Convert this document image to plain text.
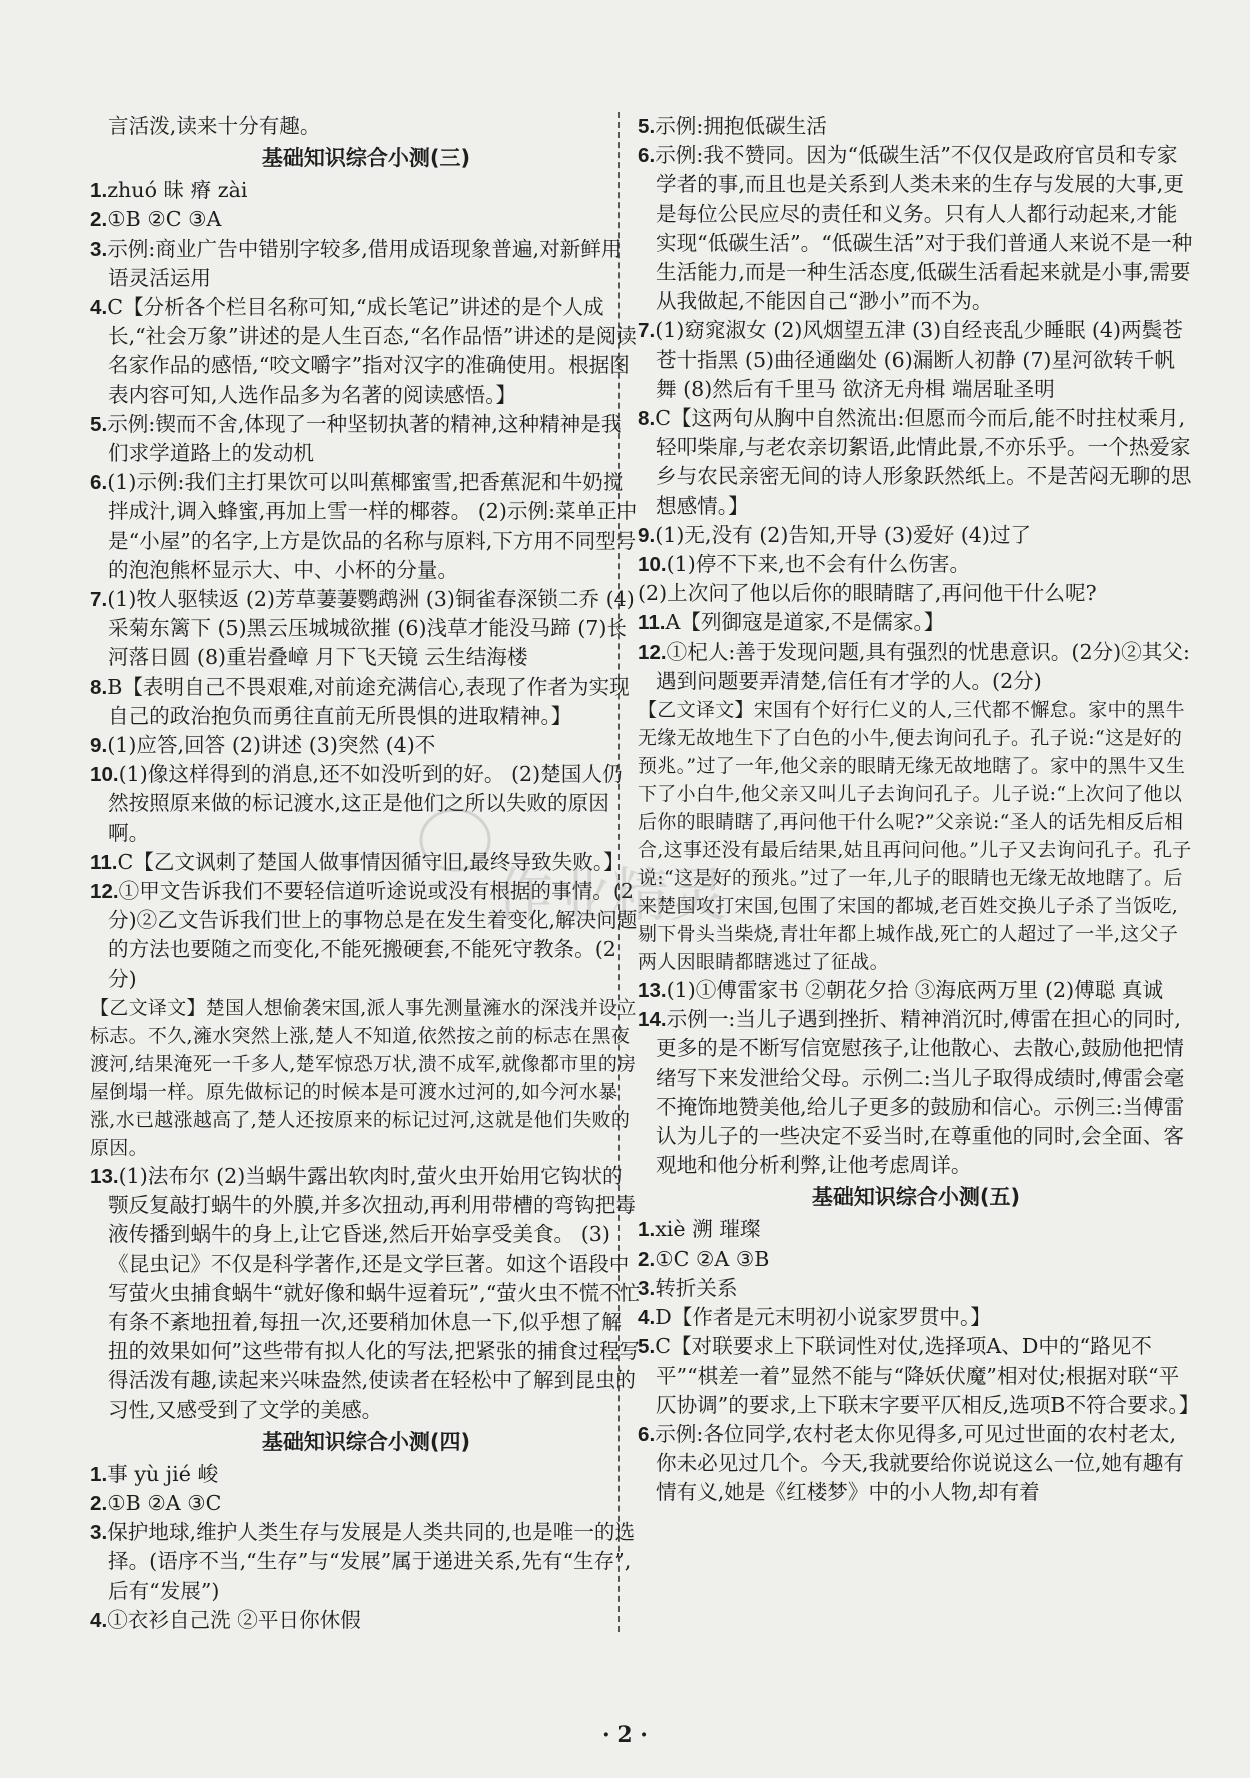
言活泼,读来十分有趣。

基础知识综合小测(三)

1.zhuó 昧 瘠 zài

2.①B ②C ③A

3.示例:商业广告中错别字较多,借用成语现象普遍,对新鲜用语灵活运用

4.C【分析各个栏目名称可知,“成长笔记”讲述的是个人成长,“社会万象”讲述的是人生百态,“名作品悟”讲述的是阅读名家作品的感悟,“咬文嚼字”指对汉字的准确使用。根据图表内容可知,人选作品多为名著的阅读感悟。】

5.示例:锲而不舍,体现了一种坚韧执著的精神,这种精神是我们求学道路上的发动机

6.(1)示例:我们主打果饮可以叫蕉椰蜜雪,把香蕉泥和牛奶搅拌成汁,调入蜂蜜,再加上雪一样的椰蓉。 (2)示例:菜单正中是“小屋”的名字,上方是饮品的名称与原料,下方用不同型号的泡泡熊杯显示大、中、小杯的分量。

7.(1)牧人驱犊返 (2)芳草萋萋鹦鹉洲 (3)铜雀春深锁二乔 (4)采菊东篱下 (5)黑云压城城欲摧 (6)浅草才能没马蹄 (7)长河落日圆 (8)重岩叠嶂 月下飞天镜 云生结海楼

8.B【表明自己不畏艰难,对前途充满信心,表现了作者为实现自己的政治抱负而勇往直前无所畏惧的进取精神。】

9.(1)应答,回答 (2)讲述 (3)突然 (4)不

10.(1)像这样得到的消息,还不如没听到的好。 (2)楚国人仍然按照原来做的标记渡水,这正是他们之所以失败的原因啊。

11.C【乙文讽刺了楚国人做事情因循守旧,最终导致失败。】

12.①甲文告诉我们不要轻信道听途说或没有根据的事情。(2分)②乙文告诉我们世上的事物总是在发生着变化,解决问题的方法也要随之而变化,不能死搬硬套,不能死守教条。(2分)

【乙文译文】楚国人想偷袭宋国,派人事先测量澭水的深浅并设立标志。不久,澭水突然上涨,楚人不知道,依然按之前的标志在黑夜渡河,结果淹死一千多人,楚军惊恐万状,溃不成军,就像都市里的房屋倒塌一样。原先做标记的时候本是可渡水过河的,如今河水暴涨,水已越涨越高了,楚人还按原来的标记过河,这就是他们失败的原因。

13.(1)法布尔 (2)当蜗牛露出软肉时,萤火虫开始用它钩状的颚反复敲打蜗牛的外膜,并多次扭动,再利用带槽的弯钩把毒液传播到蜗牛的身上,让它昏迷,然后开始享受美食。 (3)《昆虫记》不仅是科学著作,还是文学巨著。如这个语段中写萤火虫捕食蜗牛“就好像和蜗牛逗着玩”,“萤火虫不慌不忙有条不紊地扭着,每扭一次,还要稍加休息一下,似乎想了解扭的效果如何”这些带有拟人化的写法,把紧张的捕食过程写得活泼有趣,读起来兴味盎然,使读者在轻松中了解到昆虫的习性,又感受到了文学的美感。

基础知识综合小测(四)

1.事 yù jié 峻

2.①B ②A ③C

3.保护地球,维护人类生存与发展是人类共同的,也是唯一的选择。(语序不当,“生存”与“发展”属于递进关系,先有“生存”,后有“发展”)

4.①衣衫自己洗 ②平日你休假

5.示例:拥抱低碳生活

6.示例:我不赞同。因为“低碳生活”不仅仅是政府官员和专家学者的事,而且也是关系到人类未来的生存与发展的大事,更是每位公民应尽的责任和义务。只有人人都行动起来,才能实现“低碳生活”。“低碳生活”对于我们普通人来说不是一种生活能力,而是一种生活态度,低碳生活看起来就是小事,需要从我做起,不能因自己“渺小”而不为。

7.(1)窈窕淑女 (2)风烟望五津 (3)自经丧乱少睡眠 (4)两鬓苍苍十指黑 (5)曲径通幽处 (6)漏断人初静 (7)星河欲转千帆舞 (8)然后有千里马 欲济无舟楫 端居耻圣明

8.C【这两句从胸中自然流出:但愿而今而后,能不时拄杖乘月,轻叩柴扉,与老农亲切絮语,此情此景,不亦乐乎。一个热爱家乡与农民亲密无间的诗人形象跃然纸上。不是苦闷无聊的思想感情。】

9.(1)无,没有 (2)告知,开导 (3)爱好 (4)过了

10.(1)停不下来,也不会有什么伤害。

(2)上次问了他以后你的眼睛瞎了,再问他干什么呢?

11.A【列御寇是道家,不是儒家。】

12.①杞人:善于发现问题,具有强烈的忧患意识。(2分)②其父:遇到问题要弄清楚,信任有才学的人。(2分)

【乙文译文】宋国有个好行仁义的人,三代都不懈怠。家中的黑牛无缘无故地生下了白色的小牛,便去询问孔子。孔子说:“这是好的预兆。”过了一年,他父亲的眼睛无缘无故地瞎了。家中的黑牛又生下了小白牛,他父亲又叫儿子去询问孔子。儿子说:“上次问了他以后你的眼睛瞎了,再问他干什么呢?”父亲说:“圣人的话先相反后相合,这事还没有最后结果,姑且再问问他。”儿子又去询问孔子。孔子说:“这是好的预兆。”过了一年,儿子的眼睛也无缘无故地瞎了。后来楚国攻打宋国,包围了宋国的都城,老百姓交换儿子杀了当饭吃,剔下骨头当柴烧,青壮年都上城作战,死亡的人超过了一半,这父子两人因眼睛都瞎逃过了征战。

13.(1)①傅雷家书 ②朝花夕拾 ③海底两万里 (2)傅聪 真诚

14.示例一:当儿子遇到挫折、精神消沉时,傅雷在担心的同时,更多的是不断写信宽慰孩子,让他散心、去散心,鼓励他把情绪写下来发泄给父母。示例二:当儿子取得成绩时,傅雷会毫不掩饰地赞美他,给儿子更多的鼓励和信心。示例三:当傅雷认为儿子的一些决定不妥当时,在尊重他的同时,会全面、客观地和他分析利弊,让他考虑周详。

基础知识综合小测(五)

1.xiè 溯 璀璨

2.①C ②A ③B

3.转折关系

4.D【作者是元末明初小说家罗贯中。】

5.C【对联要求上下联词性对仗,选择项A、D中的“路见不平”“棋差一着”显然不能与“降妖伏魔”相对仗;根据对联“平仄协调”的要求,上下联末字要平仄相反,选项B不符合要求。】

6.示例:各位同学,农村老太你见得多,可见过世面的农村老太,你未必见过几个。今天,我就要给你说说这么一位,她有趣有情有义,她是《红楼梦》中的小人物,却有着

作业精灵
· 2 ·
